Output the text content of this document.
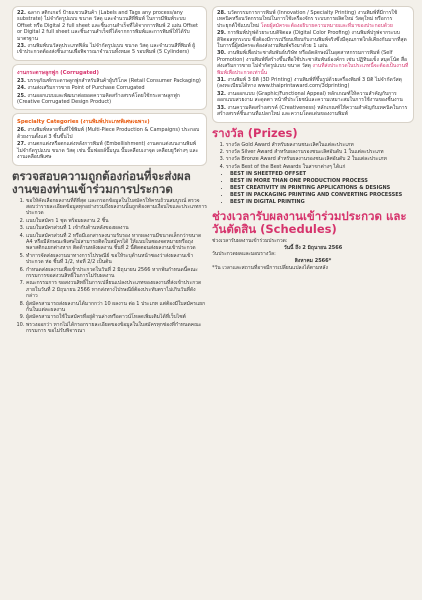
22. ฉลาก สติกเกอร์ ป้ายแขวนสินค้า (Labels and Tags any process/any substrate) ไม่จำกัดรูปแบบ ขนาด วัสดุ และจำนวนสีที่พิมพ์ ในการมีพิมพ์ระบบ Offset หรือ Digital 2 full sheet และชิ้นงานสำเร็จที่ได้จากการพิมพ์ 2 แผ่น Offset or Digital 2 full sheet และชิ้นงานสำเร็จที่ได้จากการพิมพ์และการพิมพ์ให้ได้รับมาตรฐาน

23. งานพิมพ์บนวัสดุประเภทฟิล์ม ไม่จำกัดรูปแบบ ขนาด วัสดุ และจำนวนสีที่พิมพ์ ผู้เข้าประกวดต้องส่งชิ้นงานเพื่อพิจารณาจำนวนทั้งหมด 5 รอบพิมพ์ (5 Cylinders)

งานกระดาษลูกฟูก (Corrugated)

23. บรรจุภัณฑ์กระดาษลูกฟูกสำหรับสินค้าผู้บริโภค (Retail Consumer Packaging)

24. งานส่งเสริมการขาย Point of Purchase Corrugated

25. งานออกแบบและพัฒนาต่อยอดความคิดสร้างสรรค์โดยใช้กระดาษลูกฟูก (Creative Corrugated Design Product)

Specialty Categories (งานพิมพ์ประเภทพิเศษเฉพาะ)

26. งานพิมพ์หลายชิ้นที่ใช้พิมพ์ (Multi-Piece Production & Campaigns) ประกอบด้วยงานตั้งแต่ 3 ชิ้นขึ้นไป

27. งานตกแต่งหรือตกแต่งหลังการพิมพ์ (Embellishment) งานตกแต่งบนงานพิมพ์ ไม่จำกัดรูปแบบ ขนาด วัสดุ เช่น ปั๊มฟอยล์ปั๊มนูน ปั๊มเคลือบเงาจุด เคลือบยูวีต่างๆ และงานเคลือบพิเศษ

ตรวจสอบความถูกต้องก่อนที่จะส่งผลงานของท่านเข้าร่วมการประกวด
1. ขอให้คัดเลือกผลงานที่ดีที่สุด และกรอกข้อมูลในใบสมัครให้ครบถ้วนสมบูรณ์ ตรวจสอบว่ารายละเอียดข้อมูลทุกอย่างรวมถึงผลงานนั้นถูกต้องตามเงื่อนไขและประเภทการประกวด
2. แนบใบสมัคร 1 ชุด พร้อมผลงาน 2 ชิ้น
3. แนบใบสมัครส่วนที่ 1 เข้ากับด้านหลังของผลงาน
4. แนบใบสมัครส่วนที่ 2 หรือมีเอกสารลงนามรับรอง หากผลงานมีขนาดเล็กกว่าขนาด A4 หรือมีลักษณะพิเศษไม่สามารถติดใบสมัครได้ ให้แนบในซองจดหมายหรือถุงพลาสติกแยกต่างหาก ติดด้านหลังผลงาน ชิ้นที่ 2 นี้ติดตอนส่งผลงานเข้าประกวด
5. ทำการจัดส่งผลงานมาทางการไปรษณีย์ ขอให้ระบุด้านหน้าซองว่าส่งผลงานเข้าประกวด ห่อ ชิ้นที่ 1/2, ห่อที่ 2/2 เป็นต้น
6. กำหนดส่งผลงานเพื่อเข้าประกวดในวันที่ 2 มิถุนายน 2566 หากพ้นกำหนดนี้คณะกรรมการขอสงวนสิทธิ์ในการไม่รับผลงาน
7. คณะกรรมการ ขอสงวนสิทธิ์ในการเปลี่ยนแปลงประเภทของผลงานที่ส่งเข้าประกวดภายในวันที่ 2 มิถุนายน 2566 หากส่งทางไปรษณีย์ต้องประทับตราไม่เกินวันที่ดังกล่าว
8. ผู้สมัครสามารถส่งผลงานได้มากกว่า 10 ผลงาน ต่อ 1 ประเภท แต่ต้องมีใบสมัครแยกกันในแต่ละผลงาน
9. ผู้สมัครสามารถใช้ใบสมัครที่อยู่ด้านล่างหรือดาวน์โหลดเพิ่มเติมได้ที่เว็บไซต์
10. พรวงออกว่า หากไม่ได้กรอกรายละเอียดของข้อมูลในใบสมัครทุกช่องที่กำหนดคณะกรรมการ ขอไม่รับพิจารณา

28. นวัตกรรมการการพิมพ์ (Innovation / Specialty Printing) งานพิมพ์ที่มีการใช้เทคนิคหรือนวัตกรรมใหม่ในการใช้เครื่องจักร ระบบการผลิตใหม่ วัสดุใหม่ หรือการประยุกต์ใช้แบบใหม่ โดยผู้สมัครจะต้องอธิบายความหมายและที่มาของประกอบด้วย

29. การพิมพ์ปรูฟด้วยระบบดิจิตอล (Digital Color Proofing) งานพิมพ์ปรูฟจากระบบดิจิตอลทุกระบบ ซึ่งต้องมีการเปรียบเทียบกับงานพิมพ์จริงซึ่งมีคุณภาพใกล้เคียงกันมากที่สุด ในการนี้ผู้สมัครจะต้องส่งงานพิมพ์จริงมาด้วย 1 แผ่น

30. งานพิมพ์เพื่อประชาสัมพันธ์บริษัท หรืออัตลักษณ์ในอุตสาหกรรมการพิมพ์ (Self Promotion) งานพิมพ์ที่สร้างขึ้นเพื่อใช้ประชาสัมพันธ์องค์กร เช่น ปฏิทินแข็ง สมุดโน้ต สื่อส่งเสริมการขาย ไม่จำกัดรูปแบบ ขนาด วัสดุ งานที่ส่งประกวดในประเภทนี้จะต้องเป็นงานที่พิมพ์เพื่อประกวดเท่านั้น

31. งานพิมพ์ 3 มิติ (3D Printing) งานพิมพ์ที่ขึ้นรูปด้วยเครื่องพิมพ์ 3 มิติ ไม่จำกัดวัสดุ (ลงทะเบียนได้ทาง www.thaiprintaward.com/3dprinting)

32. งานออกแบบ (Graphic/Functional Appeal) หลักเกณฑ์ให้ความสำคัญกับการออกแบบสวยงาม สะดุดตา หน้าที่ประโยชน์และความเหมาะสมในการใช้งานของชิ้นงาน

33. งานความคิดสร้างสรรค์ (Creativeness) หลักเกณฑ์ให้ความสำคัญกับเทคนิคในการสร้างสรรค์ชิ้นงานที่แปลกใหม่ และความโดดเด่นของงานพิมพ์

รางวัล (Prizes)
1. รางวัล Gold Award สำหรับผลงานชนะเลิศในแต่ละประเภท
2. รางวัล Silver Award สำหรับผลงานรองชนะเลิศอันดับ 1 ในแต่ละประเภท
3. รางวัล Bronze Award สำหรับผลงานรองชนะเลิศอันดับ 2 ในแต่ละประเภท
4. รางวัล Best of the Best Awards ในสาขาต่างๆ ได้แก่
• BEST IN SHEETFED OFFSET
• BEST IN MORE THAN ONE PRODUCTION PROCESS
• BEST CREATIVITY IN PRINTING APPLICATIONS & DESIGNS
• BEST IN PACKAGING PRINTING AND CONVERTING PROCESSES
• BEST IN DIGITAL PRINTING
ช่วงเวลารับผลงานเข้าร่วมประกวด และวันตัดสิน (Schedules)

ช่วงเวลารับผลงานเข้าร่วมประกวด:

วันนี้ ถึง 2 มิถุนายน 2566

วันประกวดผลและมอบรางวัล:

สิงหาคม 2566*

*วัน เวลาและสถานที่อาจมีการเปลี่ยนแปลงได้ตามหลัง
